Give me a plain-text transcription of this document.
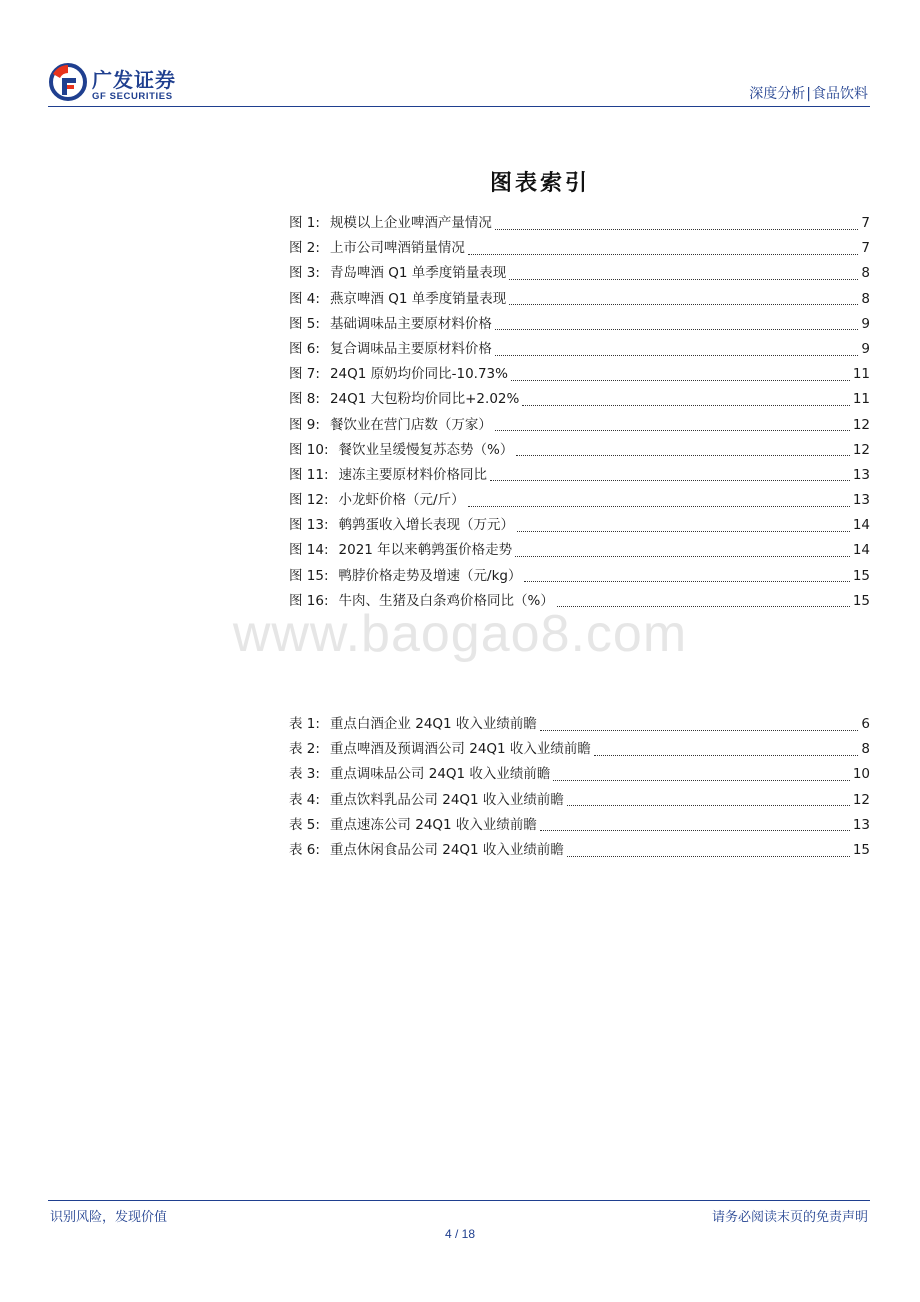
广发证券
GF SECURITIES	深度分析|食品饮料
图表索引
图 1: 规模以上企业啤酒产量情况	7
图 2: 上市公司啤酒销量情况	7
图 3: 青岛啤酒 Q1 单季度销量表现	8
图 4: 燕京啤酒 Q1 单季度销量表现	8
图 5: 基础调味品主要原材料价格	9
图 6: 复合调味品主要原材料价格	9
图 7: 24Q1 原奶均价同比-10.73%	11
图 8: 24Q1 大包粉均价同比+2.02%	11
图 9: 餐饮业在营门店数（万家）	12
图 10: 餐饮业呈缓慢复苏态势（%）	12
图 11: 速冻主要原材料价格同比	13
图 12: 小龙虾价格（元/斤）	13
图 13: 鹌鹑蛋收入增长表现（万元）	14
图 14: 2021 年以来鹌鹑蛋价格走势	14
图 15: 鸭脖价格走势及增速（元/kg）	15
图 16: 牛肉、生猪及白条鸡价格同比（%）	15
www.baogao8.com
表 1: 重点白酒企业 24Q1 收入业绩前瞻	6
表 2: 重点啤酒及预调酒公司 24Q1 收入业绩前瞻	8
表 3: 重点调味品公司 24Q1 收入业绩前瞻	10
表 4: 重点饮料乳品公司 24Q1 收入业绩前瞻	12
表 5: 重点速冻公司 24Q1 收入业绩前瞻	13
表 6: 重点休闲食品公司 24Q1 收入业绩前瞻	15
识别风险，发现价值	请务必阅读末页的免责声明
4 / 18
